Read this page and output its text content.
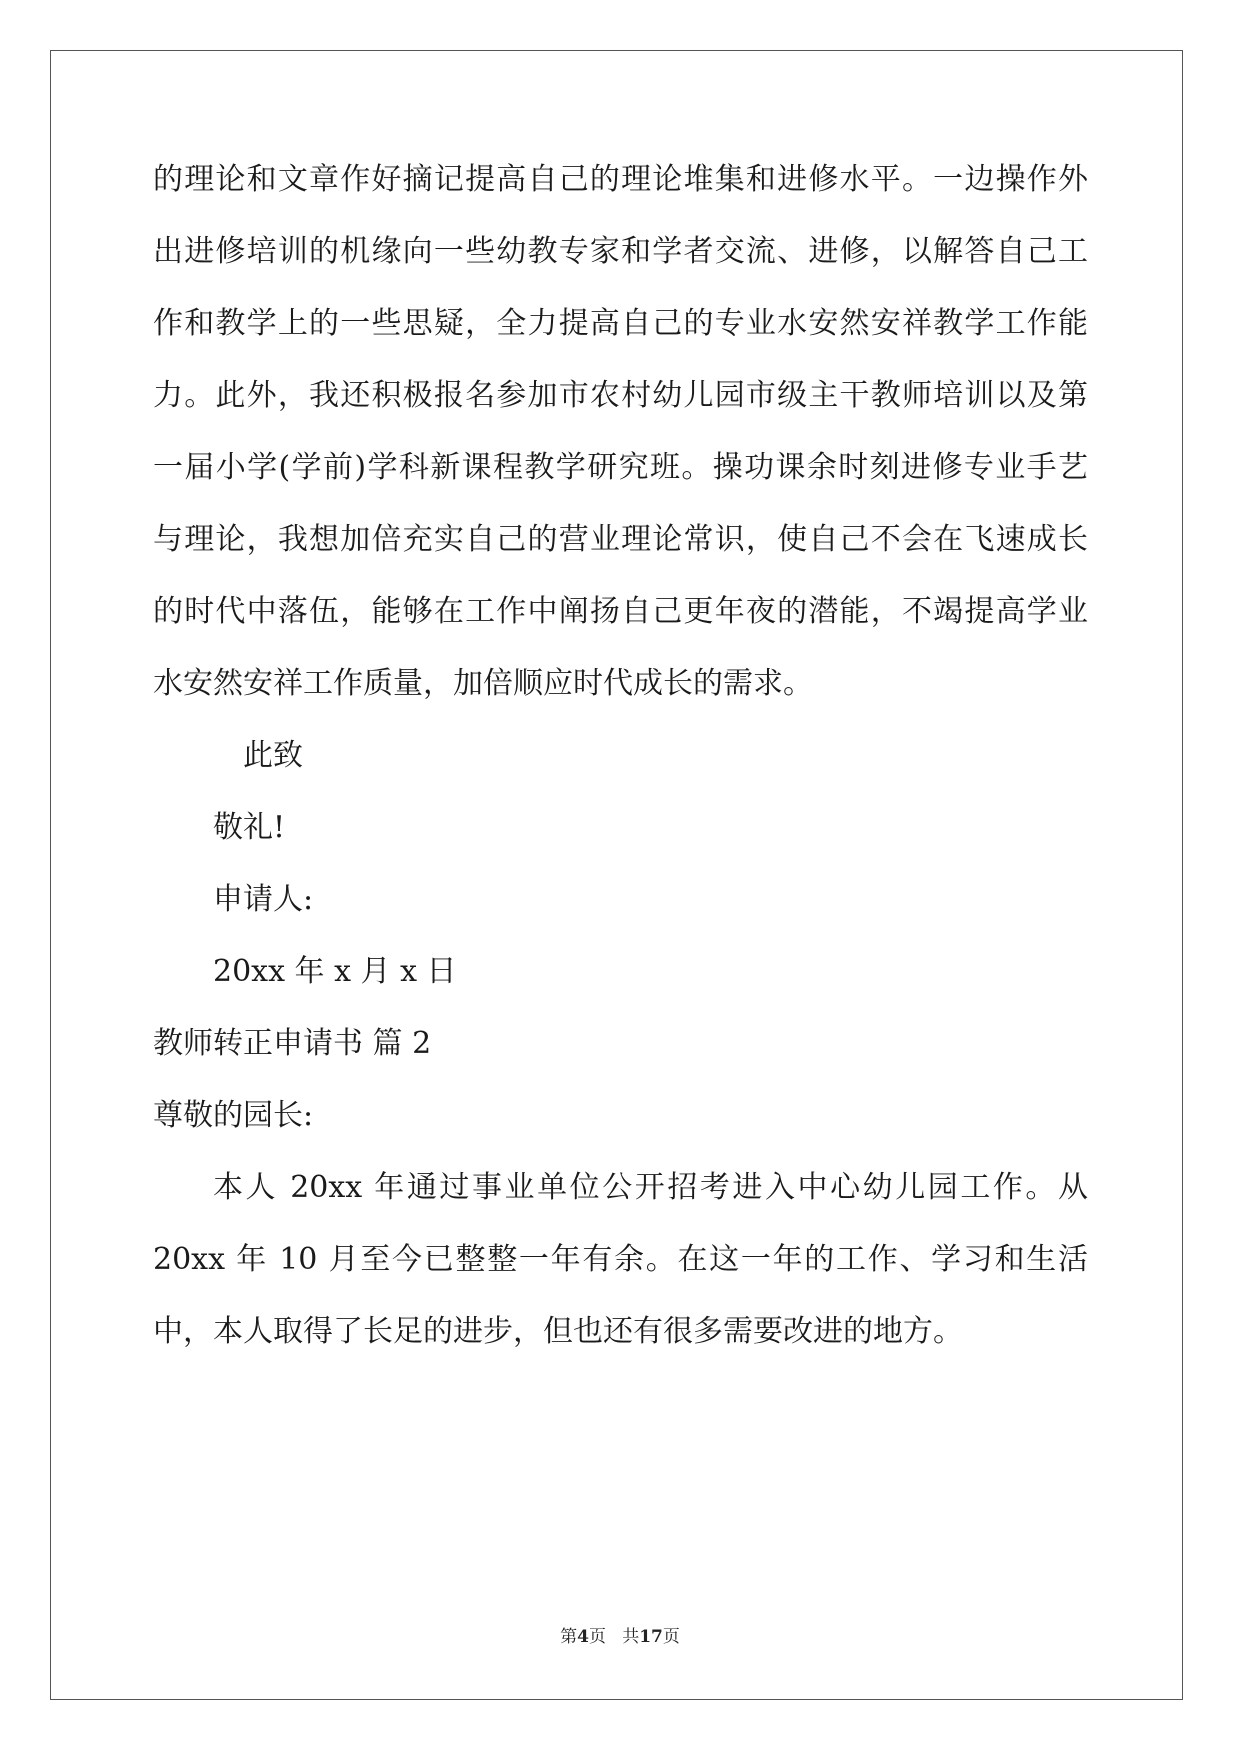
的理论和文章作好摘记提高自己的理论堆集和进修水平。一边操作外
出进修培训的机缘向一些幼教专家和学者交流、进修，以解答自己工
作和教学上的一些思疑，全力提高自己的专业水安然安祥教学工作能
力。此外，我还积极报名参加市农村幼儿园市级主干教师培训以及第
一届小学(学前)学科新课程教学研究班。操功课余时刻进修专业手艺
与理论，我想加倍充实自己的营业理论常识，使自己不会在飞速成长
的时代中落伍，能够在工作中阐扬自己更年夜的潜能，不竭提高学业
水安然安祥工作质量，加倍顺应时代成长的需求。
此致
敬礼!
申请人:
20xx 年 x 月 x 日
教师转正申请书 篇 2
尊敬的园长:
本人 20xx 年通过事业单位公开招考进入中心幼儿园工作。从
20xx 年 10 月至今已整整一年有余。在这一年的工作、学习和生活
中，本人取得了长足的进步，但也还有很多需要改进的地方。
第4页 共17页
